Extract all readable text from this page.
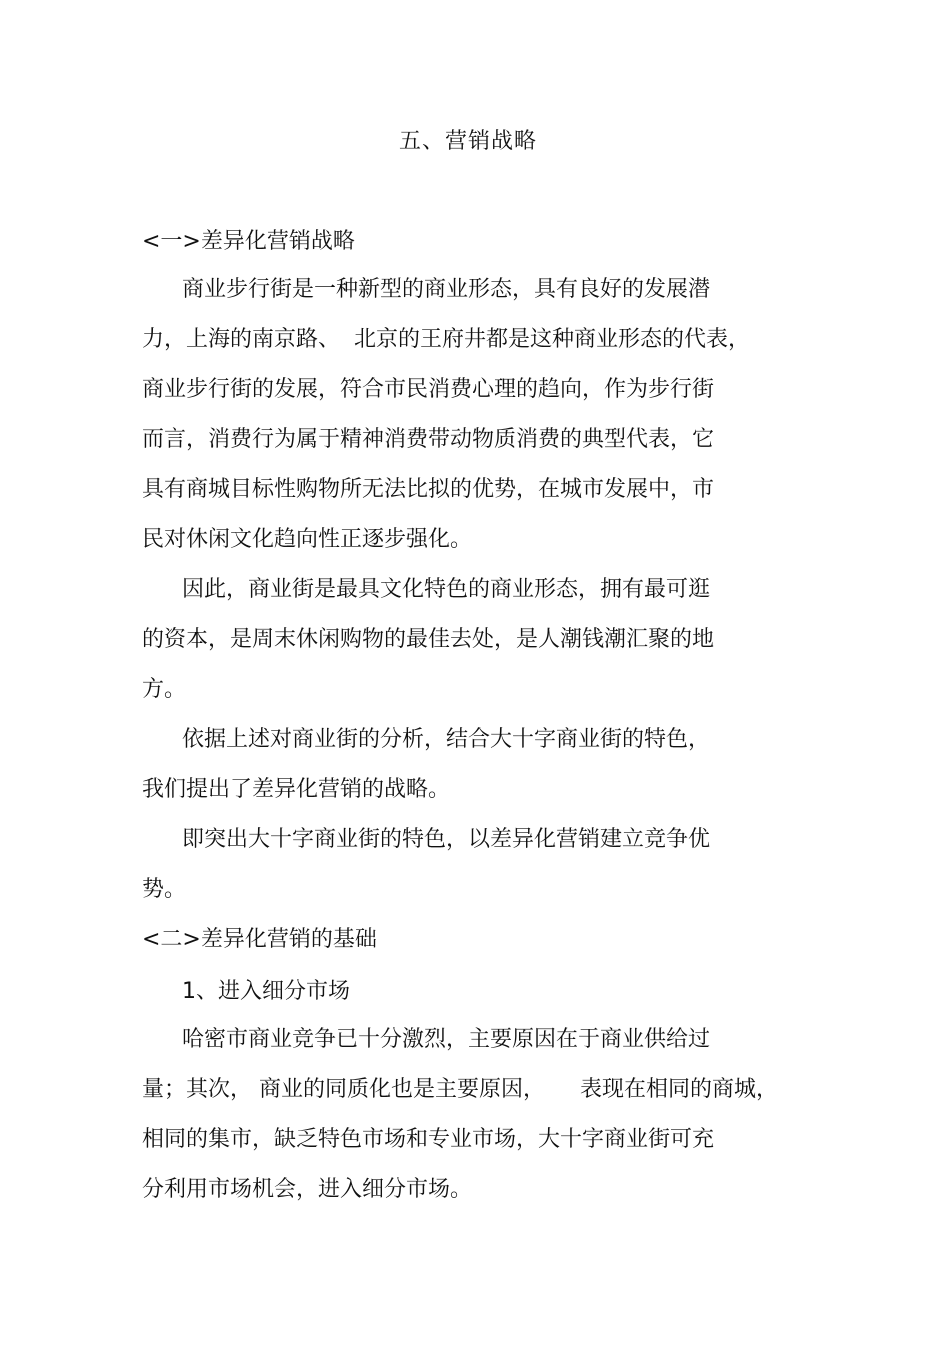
五、营销战略
<一>差异化营销战略
商业步行街是一种新型的商业形态，具有良好的发展潜
力，上海的南京路、  北京的王府井都是这种商业形态的代表，
商业步行街的发展，符合市民消费心理的趋向，作为步行街
而言，消费行为属于精神消费带动物质消费的典型代表，它
具有商城目标性购物所无法比拟的优势，在城市发展中，市
民对休闲文化趋向性正逐步强化。
因此，商业街是最具文化特色的商业形态，拥有最可逛
的资本，是周末休闲购物的最佳去处，是人潮钱潮汇聚的地
方。
依据上述对商业街的分析，结合大十字商业街的特色，
我们提出了差异化营销的战略。
即突出大十字商业街的特色，以差异化营销建立竞争优
势。
<二>差异化营销的基础
1、进入细分市场
哈密市商业竞争已十分激烈，主要原因在于商业供给过
量；其次， 商业的同质化也是主要原因，     表现在相同的商城，
相同的集市，缺乏特色市场和专业市场，大十字商业街可充
分利用市场机会，进入细分市场。
